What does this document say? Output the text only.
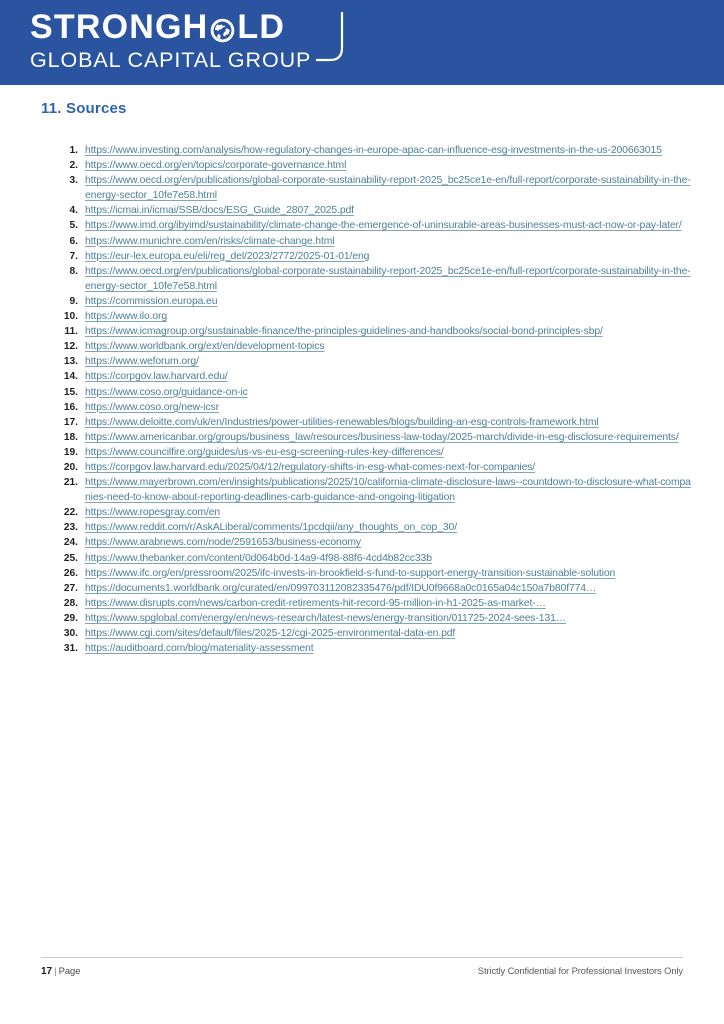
STRONGH LD
GLOBAL CAPITAL GROUP
11. Sources
1. https://www.investing.com/analysis/how-regulatory-changes-in-europe-apac-can-influence-esg-investments-in-the-us-200663015
2. https://www.oecd.org/en/topics/corporate-governance.html
3. https://www.oecd.org/en/publications/global-corporate-sustainability-report-2025_bc25ce1e-en/full-report/corporate-sustainability-in-the-energy-sector_10fe7e58.html
4. https://icmai.in/icmai/SSB/docs/ESG_Guide_2807_2025.pdf
5. https://www.imd.org/ibyimd/sustainability/climate-change-the-emergence-of-uninsurable-areas-businesses-must-act-now-or-pay-later/
6. https://www.munichre.com/en/risks/climate-change.html
7. https://eur-lex.europa.eu/eli/reg_del/2023/2772/2025-01-01/eng
8. https://www.oecd.org/en/publications/global-corporate-sustainability-report-2025_bc25ce1e-en/full-report/corporate-sustainability-in-the-energy-sector_10fe7e58.html
9. https://commission.europa.eu
10. https://www.ilo.org
11. https://www.icmagroup.org/sustainable-finance/the-principles-guidelines-and-handbooks/social-bond-principles-sbp/
12. https://www.worldbank.org/ext/en/development-topics
13. https://www.weforum.org/
14. https://corpgov.law.harvard.edu/
15. https://www.coso.org/guidance-on-ic
16. https://www.coso.org/new-icsr
17. https://www.deloitte.com/uk/en/Industries/power-utilities-renewables/blogs/building-an-esg-controls-framework.html
18. https://www.americanbar.org/groups/business_law/resources/business-law-today/2025-march/divide-in-esg-disclosure-requirements/
19. https://www.councilfire.org/guides/us-vs-eu-esg-screening-rules-key-differences/
20. https://corpgov.law.harvard.edu/2025/04/12/regulatory-shifts-in-esg-what-comes-next-for-companies/
21. https://www.mayerbrown.com/en/insights/publications/2025/10/california-climate-disclosure-laws--countdown-to-disclosure-what-companies-need-to-know-about-reporting-deadlines-carb-guidance-and-ongoing-litigation
22. https://www.ropesgray.com/en
23. https://www.reddit.com/r/AskALiberal/comments/1pcdqii/any_thoughts_on_cop_30/
24. https://www.arabnews.com/node/2591653/business-economy
25. https://www.thebanker.com/content/0d064b0d-14a9-4f98-88f6-4cd4b82cc33b
26. https://www.ifc.org/en/pressroom/2025/ifc-invests-in-brookfield-s-fund-to-support-energy-transition-sustainable-solution
27. https://documents1.worldbank.org/curated/en/099703112082335476/pdf/IDU0f9668a0c0165a04c150a7b80f774…
28. https://www.disrupts.com/news/carbon-credit-retirements-hit-record-95-million-in-h1-2025-as-market-…
29. https://www.spglobal.com/energy/en/news-research/latest-news/energy-transition/011725-2024-sees-131…
30. https://www.cgi.com/sites/default/files/2025-12/cgi-2025-environmental-data-en.pdf
31. https://auditboard.com/blog/materiality-assessment
17 | Page	Strictly Confidential for Professional Investors Only
